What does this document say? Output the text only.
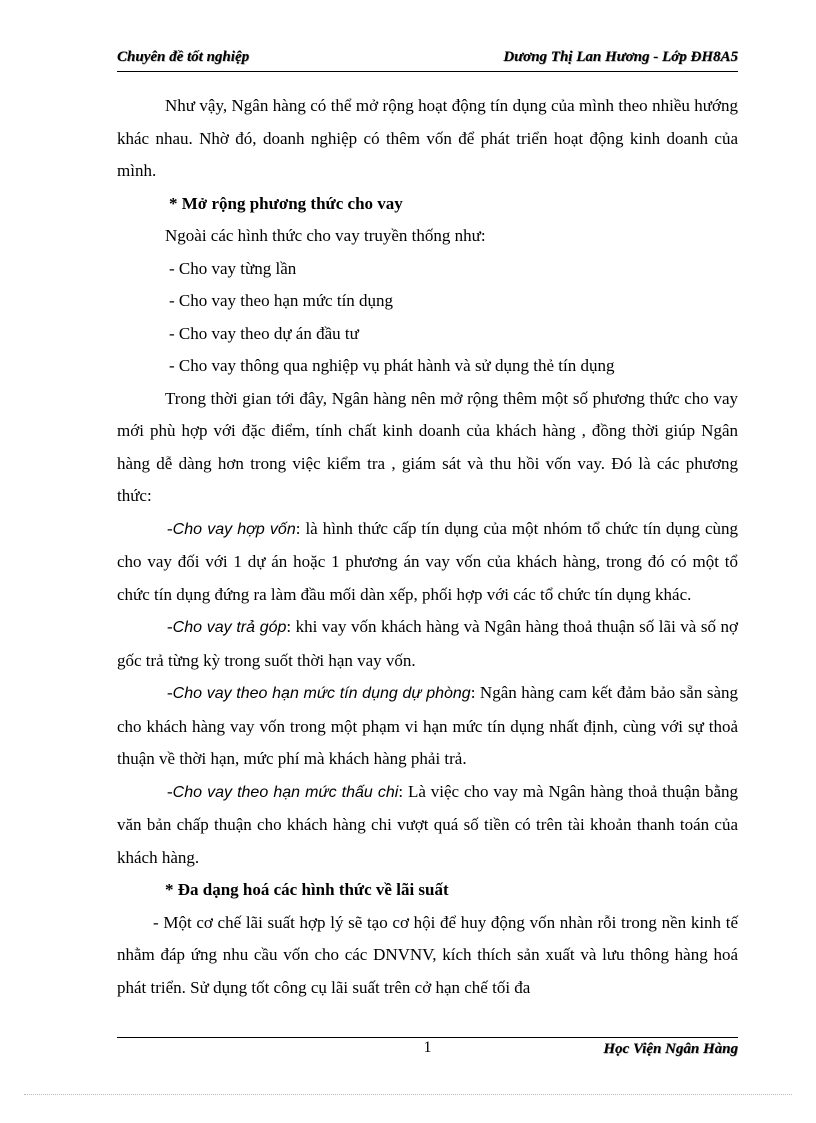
Chuyên đề tốt nghiệp	Dương Thị Lan Hương - Lớp ĐH8A5

Như vậy, Ngân hàng có thể mở rộng hoạt động tín dụng của mình theo nhiều hướng khác nhau. Nhờ đó, doanh nghiệp có thêm vốn để phát triển hoạt động kinh doanh của mình.

* Mở rộng phương thức cho vay

Ngoài các hình thức cho vay truyền thống như:

- Cho vay từng lần

- Cho vay theo hạn mức tín dụng

- Cho vay theo dự án đầu tư

- Cho vay thông qua nghiệp vụ phát hành và sử dụng thẻ tín dụng

Trong thời gian tới đây, Ngân hàng nên mở rộng thêm một số phương thức cho vay mới phù hợp với đặc điểm, tính chất kinh doanh của khách hàng , đồng thời giúp Ngân hàng dễ dàng hơn trong việc kiểm tra , giám sát và thu hồi vốn vay. Đó là các phương thức:

-Cho vay hợp vốn: là hình thức cấp tín dụng của một nhóm tổ chức tín dụng cùng cho vay đối với 1 dự án hoặc 1 phương án vay vốn của khách hàng, trong đó có một tổ chức tín dụng đứng ra làm đầu mối dàn xếp, phối hợp với các tổ chức tín dụng khác.

-Cho vay trả góp: khi vay vốn khách hàng và Ngân hàng thoả thuận số lãi và số nợ gốc trả từng kỳ trong suốt thời hạn vay vốn.

-Cho vay theo hạn mức tín dụng dự phòng: Ngân hàng cam kết đảm bảo sẵn sàng cho khách hàng vay vốn trong một phạm vi hạn mức tín dụng nhất định, cùng với sự thoả thuận về thời hạn, mức phí mà khách hàng phải trả.

-Cho vay theo hạn mức thấu chi: Là việc cho vay mà Ngân hàng thoả thuận bằng văn bản chấp thuận cho khách hàng chi vượt quá số tiền có trên tài khoản thanh toán của khách hàng.

* Đa dạng hoá các hình thức về lãi suất

- Một cơ chế lãi suất hợp lý sẽ tạo cơ hội để huy động vốn nhàn rỗi trong nền kinh tế nhằm đáp ứng nhu cầu vốn cho các DNVNV, kích thích sản xuất và lưu thông hàng hoá phát triển. Sử dụng tốt công cụ lãi suất trên cở hạn chế tối đa

1	Học Viện Ngân Hàng
